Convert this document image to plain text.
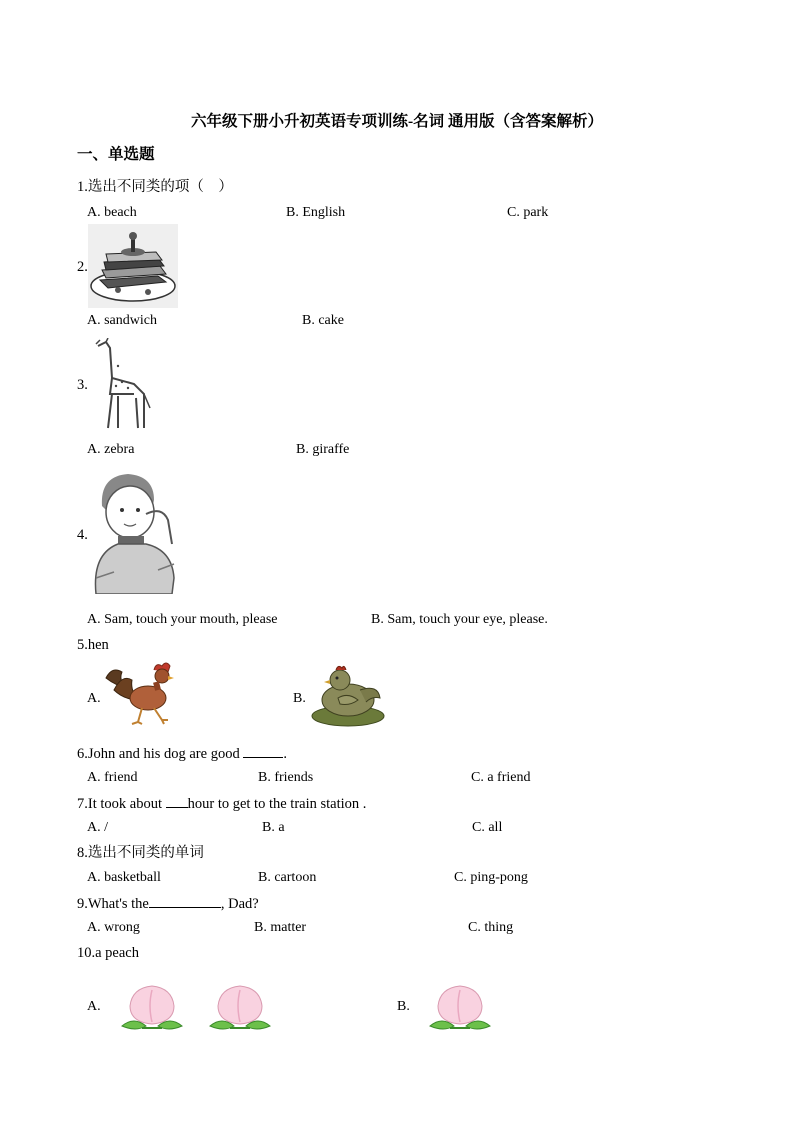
六年级下册小升初英语专项训练-名词 通用版（含答案解析）
一、单选题
1.选出不同类的项（　）
A. beach	B. English	C. park
2.
A. sandwich	B. cake
3.
A. zebra	B. giraffe
4.
A. Sam, touch your mouth, please	B. Sam, touch your eye, please.
5.hen
A.	B.
6.John and his dog are good	.
A. friend	B. friends	C. a friend
7.It took about hour to get to the train station .
A. /	B. a	C. all
8.选出不同类的单词
A. basketball	B. cartoon	C. ping-pong
9.What's the	, Dad?
A. wrong	B. matter	C. thing
10.a peach
A.	B.
